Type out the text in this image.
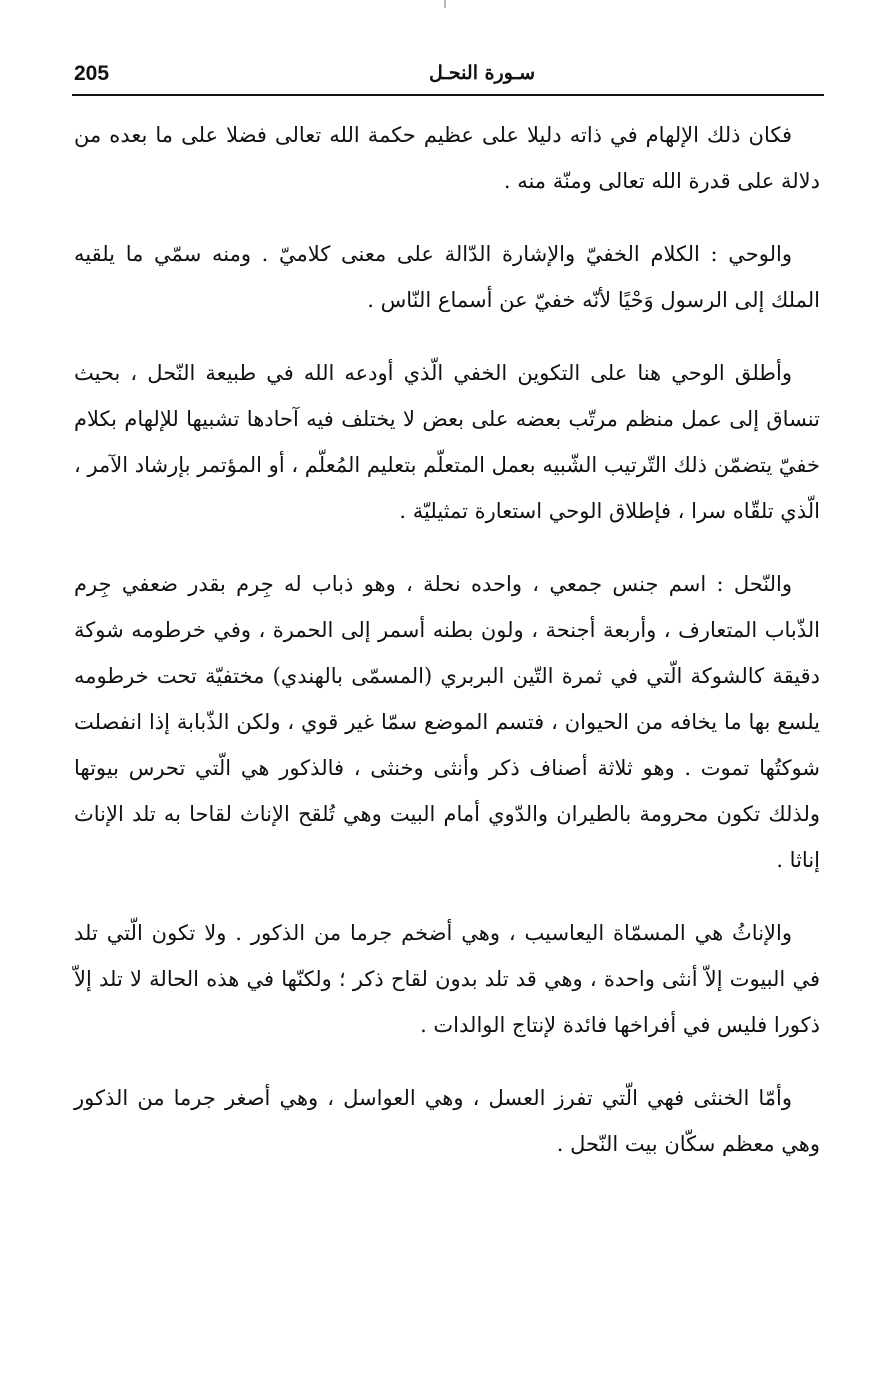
205	سـورة النحـل

فكان ذلك الإلهام في ذاته دليلا على عظيم حكمة الله تعالى فضلا على ما بعده من دلالة على قدرة الله تعالى ومنّة منه .

والوحي : الكلام الخفيّ والإشارة الدّالة على معنى كلاميّ . ومنه سمّي ما يلقيه الملك إلى الرسول وَحْيًا لأنّه خفيّ عن أسماع النّاس .

وأطلق الوحي هنا على التكوين الخفي الّذي أودعه الله في طبيعة النّحل ، بحيث تنساق إلى عمل منظم مرتّب بعضه على بعض لا يختلف فيه آحادها تشبيها للإلهام بكلام خفيّ يتضمّن ذلك التّرتيب الشّبيه بعمل المتعلّم بتعليم المُعلّم ، أو المؤتمر بإرشاد الآمر ، الّذي تلقّاه سرا ، فإطلاق الوحي استعارة تمثيليّة .

والنّحل : اسم جنس جمعي ، واحده نحلة ، وهو ذباب له جِرم بقدر ضعفي جِرم الذّباب المتعارف ، وأربعة أجنحة ، ولون بطنه أسمر إلى الحمرة ، وفي خرطومه شوكة دقيقة كالشوكة الّتي في ثمرة التّين البربري (المسمّى بالهندي) مختفيّة تحت خرطومه يلسع بها ما يخافه من الحيوان ، فتسم الموضع سمّا غير قوي ، ولكن الذّبابة إذا انفصلت شوكتُها تموت . وهو ثلاثة أصناف ذكر وأنثى وخنثى ، فالذكور هي الّتي تحرس بيوتها ولذلك تكون محرومة بالطيران والدّوي أمام البيت وهي تُلقح الإناث لقاحا به تلد الإناث إناثا .

والإناثُ هي المسمّاة اليعاسيب ، وهي أضخم جرما من الذكور . ولا تكون الّتي تلد في البيوت إلاّ أنثى واحدة ، وهي قد تلد بدون لقاح ذكر ؛ ولكنّها في هذه الحالة لا تلد إلاّ ذكورا فليس في أفراخها فائدة لإنتاج الوالدات .

وأمّا الخنثى فهي الّتي تفرز العسل ، وهي العواسل ، وهي أصغر جرما من الذكور وهي معظم سكّان بيت النّحل .
